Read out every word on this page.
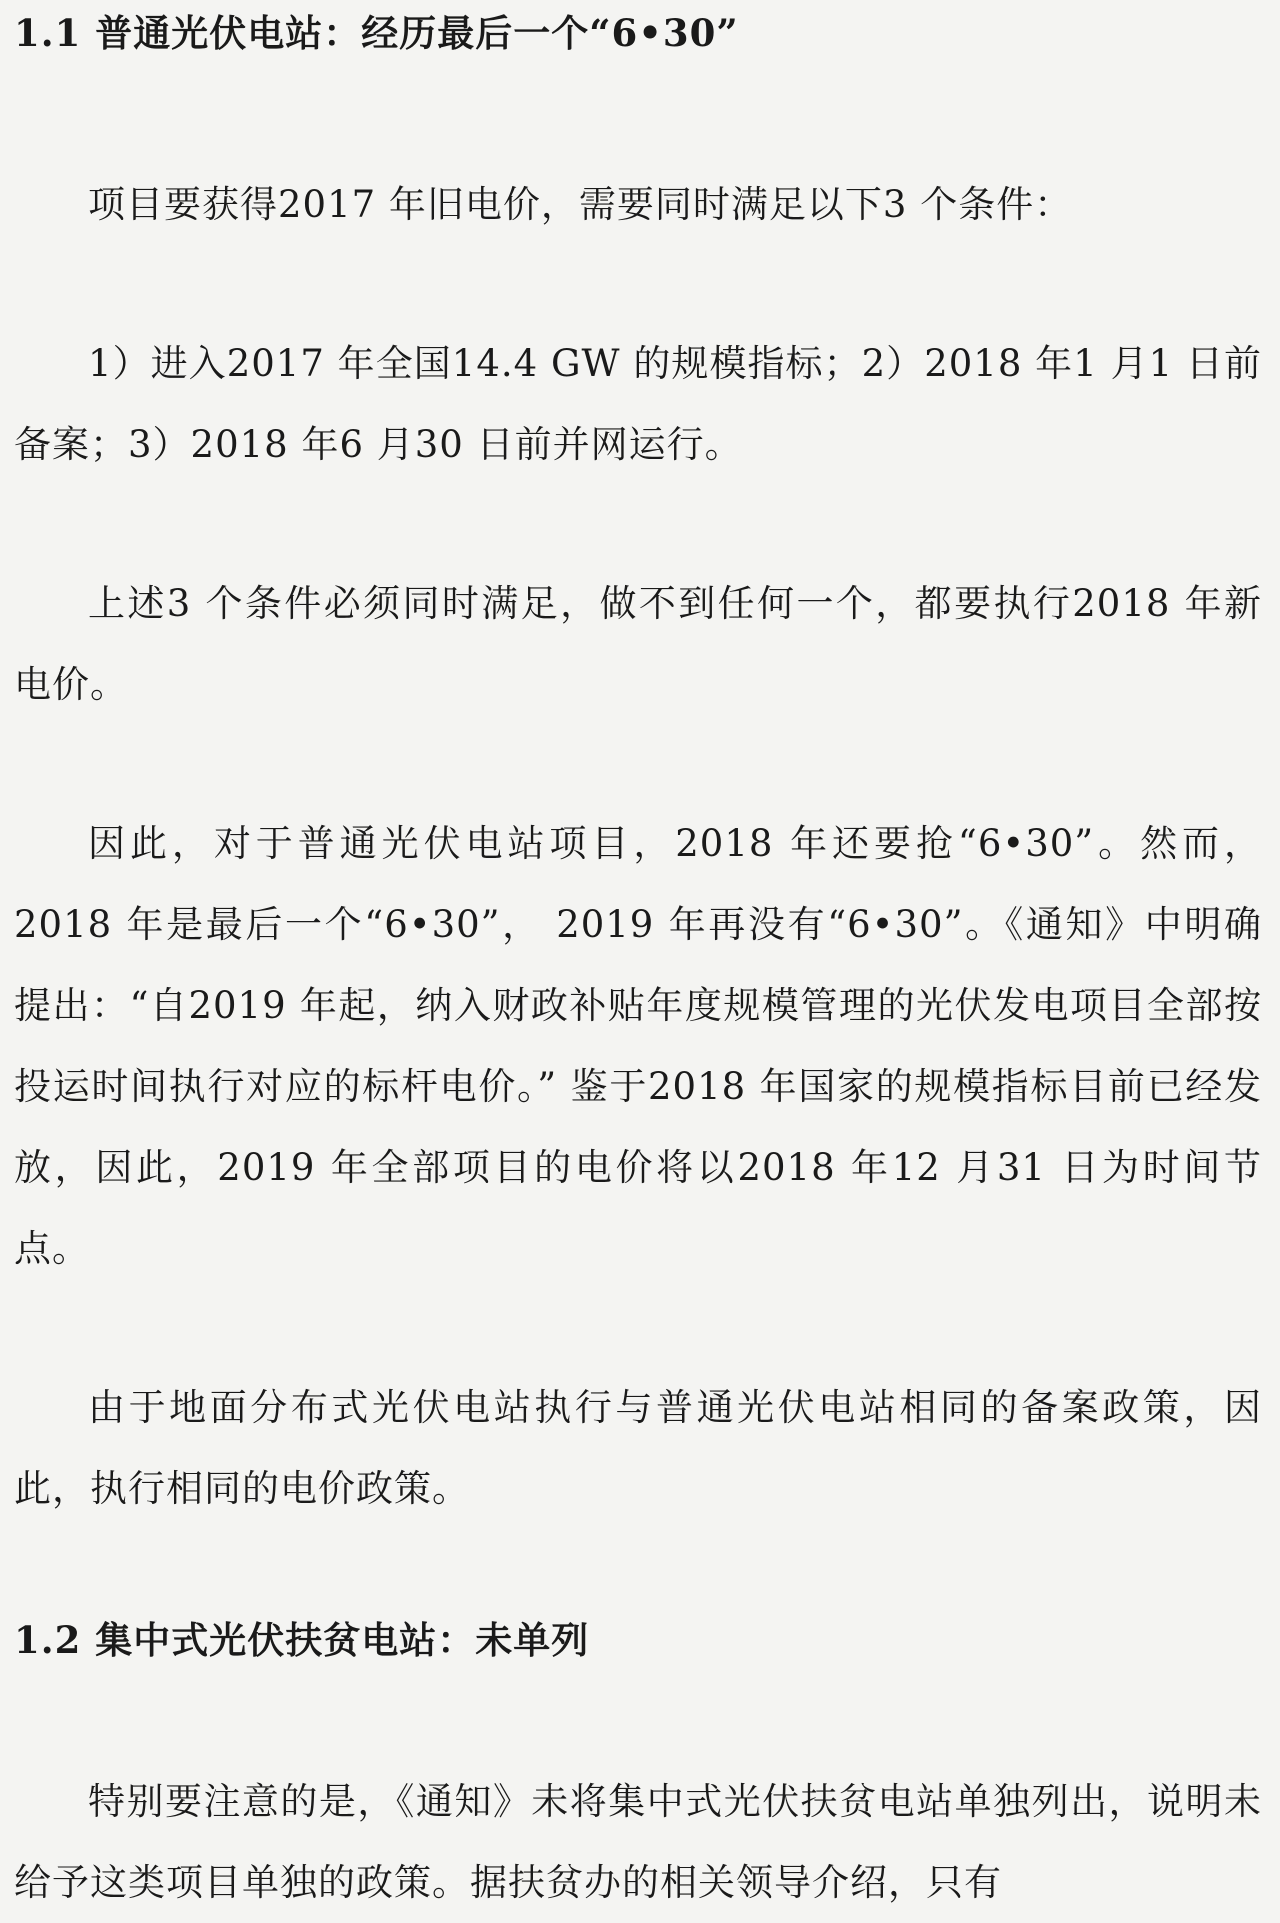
1.1 普通光伏电站：经历最后一个“6•30”

项目要获得2017 年旧电价，需要同时满足以下3 个条件：

1）进入2017 年全国14.4 GW 的规模指标；2）2018 年1 月1 日前备案；3）2018 年6 月30 日前并网运行。

上述3 个条件必须同时满足，做不到任何一个，都要执行2018 年新电价。

因此，对于普通光伏电站项目，2018 年还要抢“6•30”。然而，2018 年是最后一个“6•30”， 2019 年再没有“6•30”。《通知》中明确提出：“自2019 年起，纳入财政补贴年度规模管理的光伏发电项目全部按投运时间执行对应的标杆电价。” 鉴于2018 年国家的规模指标目前已经发放，因此，2019 年全部项目的电价将以2018 年12 月31 日为时间节点。

由于地面分布式光伏电站执行与普通光伏电站相同的备案政策，因此，执行相同的电价政策。

1.2 集中式光伏扶贫电站：未单列

特别要注意的是，《通知》未将集中式光伏扶贫电站单独列出，说明未给予这类项目单独的政策。据扶贫办的相关领导介绍，只有
